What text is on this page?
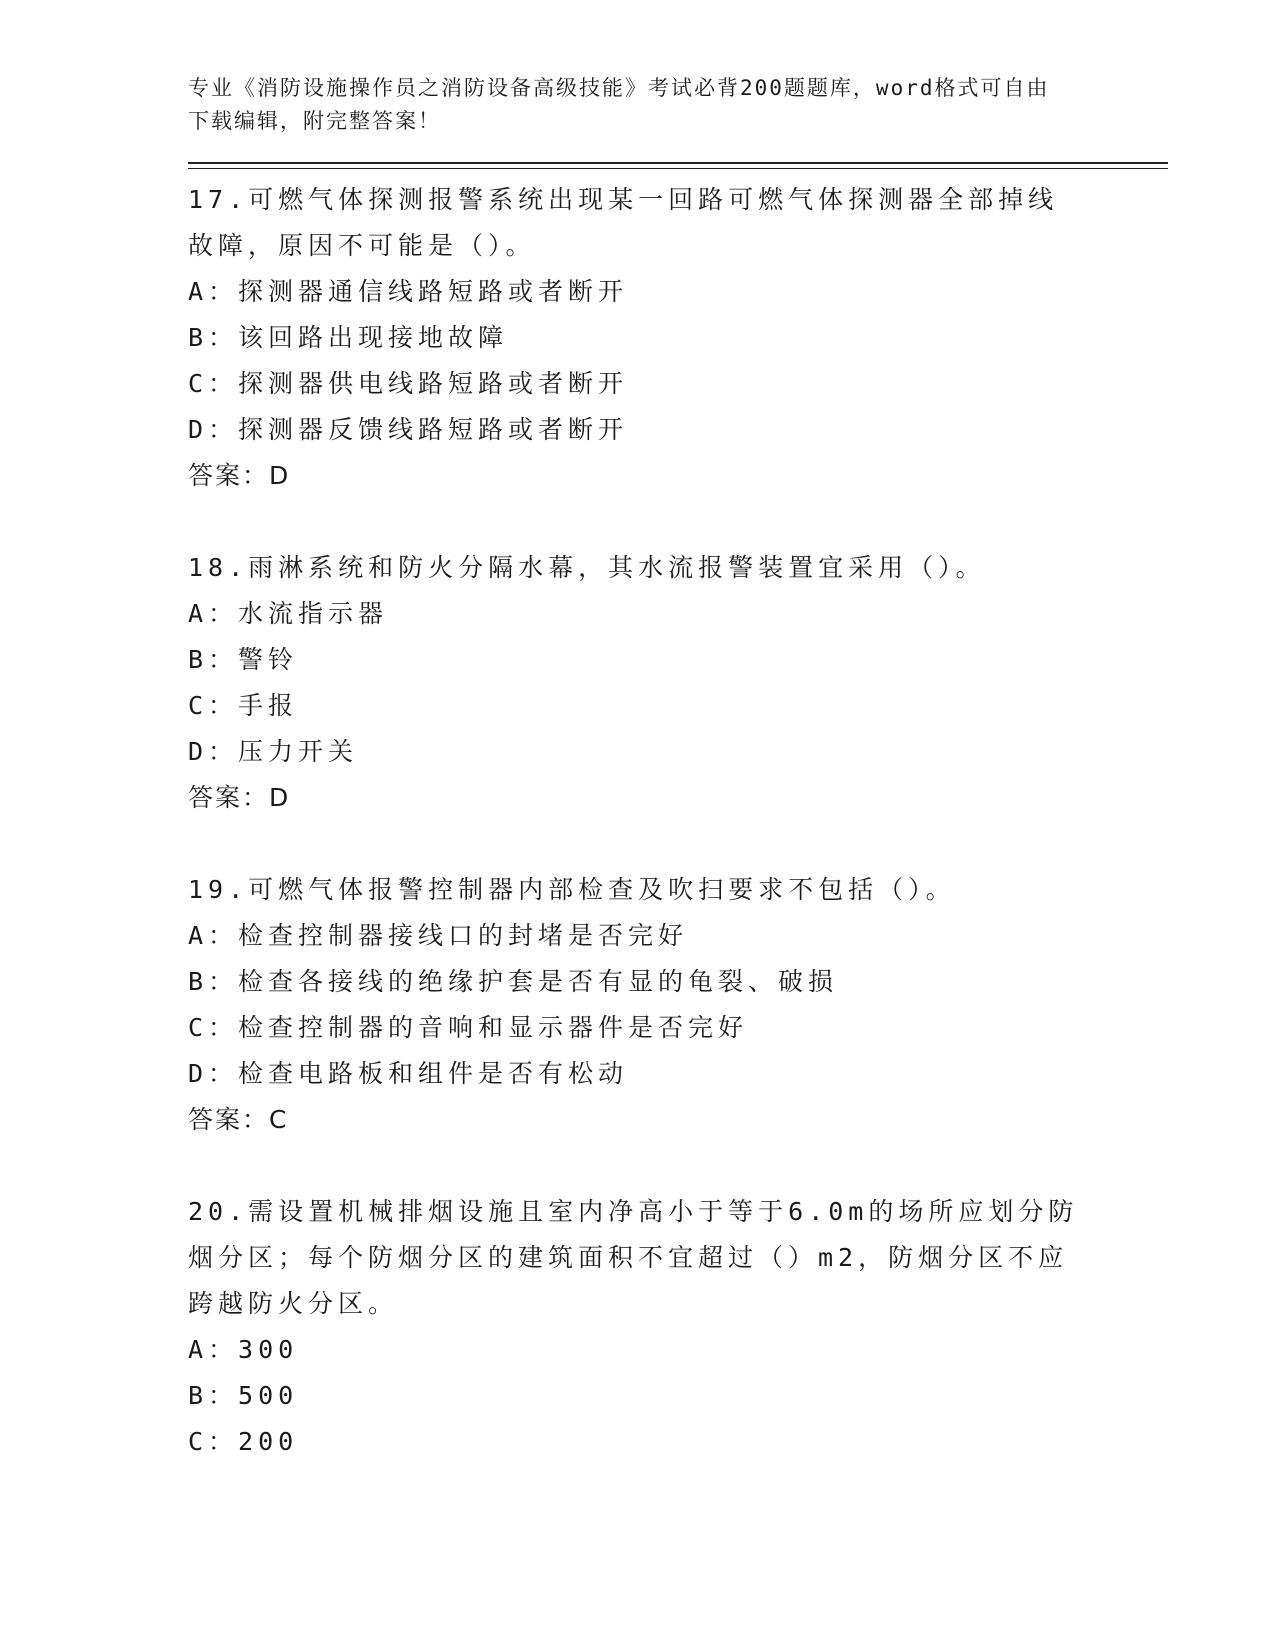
专业《消防设施操作员之消防设备高级技能》考试必背200题题库，word格式可自由下载编辑，附完整答案！
17.可燃气体探测报警系统出现某一回路可燃气体探测器全部掉线故障，原因不可能是（）。
A：探测器通信线路短路或者断开
B：该回路出现接地故障
C：探测器供电线路短路或者断开
D：探测器反馈线路短路或者断开
答案：D
18.雨淋系统和防火分隔水幕，其水流报警装置宜采用（）。
A：水流指示器
B：警铃
C：手报
D：压力开关
答案：D
19.可燃气体报警控制器内部检查及吹扫要求不包括（）。
A：检查控制器接线口的封堵是否完好
B：检查各接线的绝缘护套是否有显的龟裂、破损
C：检查控制器的音响和显示器件是否完好
D：检查电路板和组件是否有松动
答案：C
20.需设置机械排烟设施且室内净高小于等于6.0m的场所应划分防烟分区；每个防烟分区的建筑面积不宜超过（）m2，防烟分区不应跨越防火分区。
A：300
B：500
C：200
